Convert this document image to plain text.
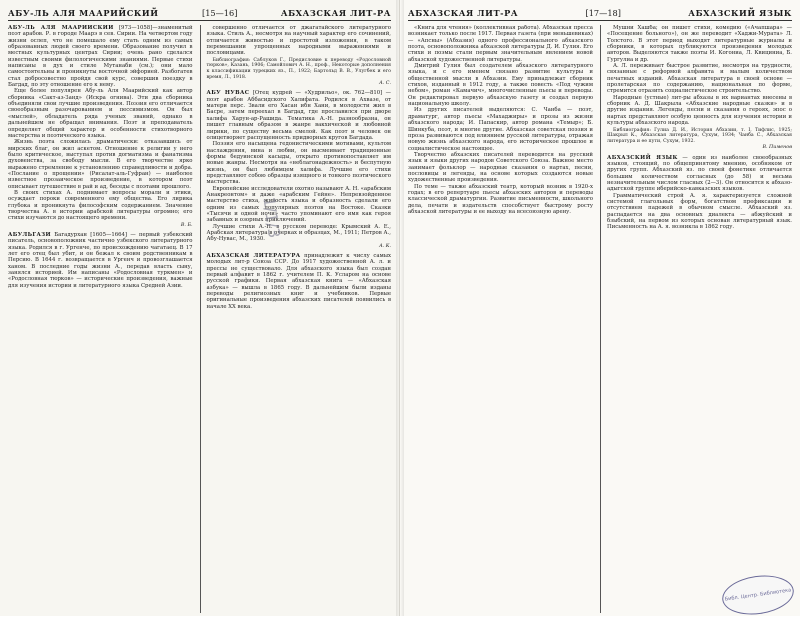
АБУ-ЛЬ АЛЯ МААРИЙСКИЙ	[15—16]	АБХАЗСКАЯ ЛИТ-РА

АБУ-ЛЬ АЛЯ МААРИЙСКИЙ [973—1058]—знаменитый поэт арабов. Р. в городе Маарэ в сев. Сирии. На четвертом году жизни ослеп, что не помешало ему стать одним из самых образованных людей своего времени. Образование получил в местных культурных центрах Сирии; очень рано сделался известным своими филологическими знаниями. Первые стихи написаны в дух и стиле Мутанаби (см.); они мало самостоятельны и проникнуты восточной эйфорией. Разбогатев стал добросовестно пройдя свой курс, совершив поездку в Багдад, по эту отношение его к нему.

Еще более популярен Абу-ль Аля Маарийский как автор сборника «Сакт-аз-Занд» (Искра огнива). Эти два сборника объединяли свои лучшие произведения. Поэзия его отличается своеобразным разочарованием и пессимизмом. Он был «мыслей», обладатель ряда ученых званий, однако в дальнейшем не обращал внимания. Поэт и преподаватель определяет общий характер и особенности стихотворного мастерства и поэтического языка.

Жизнь поэта сложилась драматически: отказавшись от мирских благ, он жил аскетом. Отношение к религии у него было критическое, выступал против догматизма и фанатизма духовенства, за свободу мысли. В его творчестве ярко выражено стремление к установлению справедливости и добра. «Послание о прощении» (Рисалат-аль-Гуфран) — наиболее известное прозаическое произведение, в котором поэт описывает путешествие в рай и ад, беседы с поэтами прошлого.

В своих стихах А. поднимает вопросы морали и этики, осуждает пороки современного ему общества. Его лирика глубока и проникнута философским содержанием. Значение творчества А. в истории арабской литературы огромно; его стихи изучаются до настоящего времени.

В. Б.

АБУЛЬГАЗИ Багадурхан [1605—1664] — первый узбекский писатель, основоположник частично узбекского литературного языка. Родился в г. Ургенче, по происхождению чагатаец. В 17 лет его отец был убит, и он бежал к своим родственникам в Персию. В 1644 г. возвращается в Ургенч и провозглашается ханом. В последние годы жизни А., передав власть сыну, занялся историей. Им написаны «Родословная туркмен» и «Родословная тюрков» — исторические произведения, важные для изучения истории и литературного языка Средней Азии.

совершенно отличается от джагатайского литературного языка. Стиль А., несмотря на научный характер его сочинений, отличается живостью и простотой изложения, в таком перемешании упрощенных народными выражениями и пословицами.

Библиография: Саблуков Г., Предисловие к переводу «Родословной тюрков», Казань, 1906; Самойлович А. Н., проф., Некоторые дополнения к классификации турецких яз., П., 1922; Бартольд В. В., Улугбек и его время, Л., 1918.

А. С.

АБУ НУВАС [Отец кудрей — «Худрильо», ок. 762—810] — поэт арабов Аббасидского Халифата. Родился в Ахвазе, от матери перс. Звали его Хасан ибн Хани, в молодости жил в Басре, затем переехал в Багдад, где прославился при дворе халифа Харун-ар-Рашида. Тематика А.-Н. разнообразна, он пишет главным образом в жанре вакхической и любовной лирики, по существу весьма смелой. Как поэт и человек он олицетворяет распущенность придворных кругов Багдада.

Поэзия его насыщена гедонистическими мотивами, культом наслаждения, вина и любви, он высмеивает традиционные формы бедуинской касыды, открыто противопоставляет им новые жанры. Несмотря на «неблагонадежность» и беспутную жизнь, он был любимцем халифа. Лучшие его стихи представляют собою образцы изящного и тонкого поэтического мастерства.

Европейские исследователи охотно называют А. Н. «арабским Анакреонтом» и даже «арабским Гейне». Непревзойденное мастерство стиха, живость языка и образность сделали его одним из самых популярных поэтов на Востоке. Сказки «Тысячи и одной ночи» часто упоминают его имя как героя забавных и озорных приключений.

Лучшие стихи А.-Н. в русском переводе: Крымский А. Е., Арабская литература в очерках и образцах, М., 1911; Петров А., Абу-Нувас, М., 1930.

А. К.

АБХАЗСКАЯ ЛИТЕРАТУРА принадлежит к числу самых молодых лит-р Союза ССР. До 1917 художественной А. л. и прессы не существовало. Для абхазского языка был создан первый алфавит в 1862 г. учителем П. К. Усларом на основе русской графики. Первая абхазская книга — «Абхазская азбука» — вышла в 1865 году. В дальнейшем были изданы переводы религиозных книг и учебников. Первые оригинальные произведения абхазских писателей появились в начале XX века.

АБХАЗСКАЯ ЛИТ-РА	[17—18]	АБХАЗСКИЙ ЯЗЫК

«Книга для чтения» (коллективная работа). Абхазская пресса возникает только после 1917. Первая газета (при меньшевиках) — «Апсны» (Абхазия) одного профессионального абхазского поэта, основоположника абхазской литературы Д. И. Гулия. Его стихи и поэмы стали первым значительным явлением новой абхазской художественной литературы.

Дмитрий Гулия был создателем абхазского литературного языка, и с его именем связано развитие культуры и общественной мысли в Абхазии. Ему принадлежат сборник стихов, изданный в 1912 году, а также повесть «Под чужим небом», роман «Камачич», многочисленные пьесы и переводы. Он редактировал первую абхазскую газету и создал первую национальную школу.

Из других писателей выделяются: С. Чанба — поэт, драматург, автор пьесы «Махаджиры» и прозы из жизни абхазского народа; И. Папаскир, автор романа «Темыр»; Б. Шинкуба, поэт, и многие другие. Абхазская советская поэзия и проза развиваются под влиянием русской литературы, отражая новую жизнь абхазского народа, его историческое прошлое и социалистическое настоящее.

Творчество абхазских писателей переводится на русский язык и языки других народов Советского Союза. Важное место занимает фольклор — народные сказания о нартах, песни, пословицы и легенды, на основе которых создаются новые художественные произведения.

По теме — также абхазский театр, который возник в 1920-х годах; в его репертуаре пьесы абхазских авторов и переводы классической драматургии. Развитие письменности, школьного дела, печати и издательств способствует быстрому росту абхазской литературы и ее выходу на всесоюзную арену.

Мушни Хашба; он пишет стихи, комедию («Ачапшара» — «Посещение больного»), он же переводит «Хаджи-Мурата» Л. Толстого. В этот период выходят литературные журналы и сборники, в которых публикуются произведения молодых авторов. Выделяются также поэты И. Когониа, Л. Квициниа, Б. Гургулиа и др.

А. Л. переживает быстрое развитие, несмотря на трудности, связанные с реформой алфавита и малым количеством печатных изданий. Абхазская литература в своей основе — пролетарская по содержанию, национальная по форме, стремится отразить социалистическое строительство.

Народные (устные) лит-ры абхазы в их вариантах внесены в сборник А. Д. Шакрыла «Абхазские народные сказки» и в другие издания. Легенды, песни и сказания о героях, эпос о нартах представляют особую ценность для изучения истории и культуры абхазского народа.

Библиография: Гулиа Д. И., История Абхазии, т. I, Тифлис, 1925; Шакрыл К., Абхазская литература, Сухум, 1934; Чанба С., Абхазская литература и ее пути, Сухум, 1932.

В. Пименов

АБХАЗСКИЙ ЯЗЫК — один из наиболее своеобразных языков, стоящий, по общепринятому мнению, особняком от других групп. Абхазский яз. по своей фонетике отличается большим количеством согласных (до 58) и весьма незначительным числом гласных (2—3). Он относится к абхазо-адыгской группе иберийско-кавказских языков.

Грамматический строй А. я. характеризуется сложной системой глагольных форм, богатством префиксации и отсутствием падежей в обычном смысле. Абхазский яз. распадается на два основных диалекта — абжуйский и бзыбский, на первом из которых основан литературный язык. Письменность на А. я. возникла в 1862 году.

Библ. Центр. Библиотека
1/1/3
